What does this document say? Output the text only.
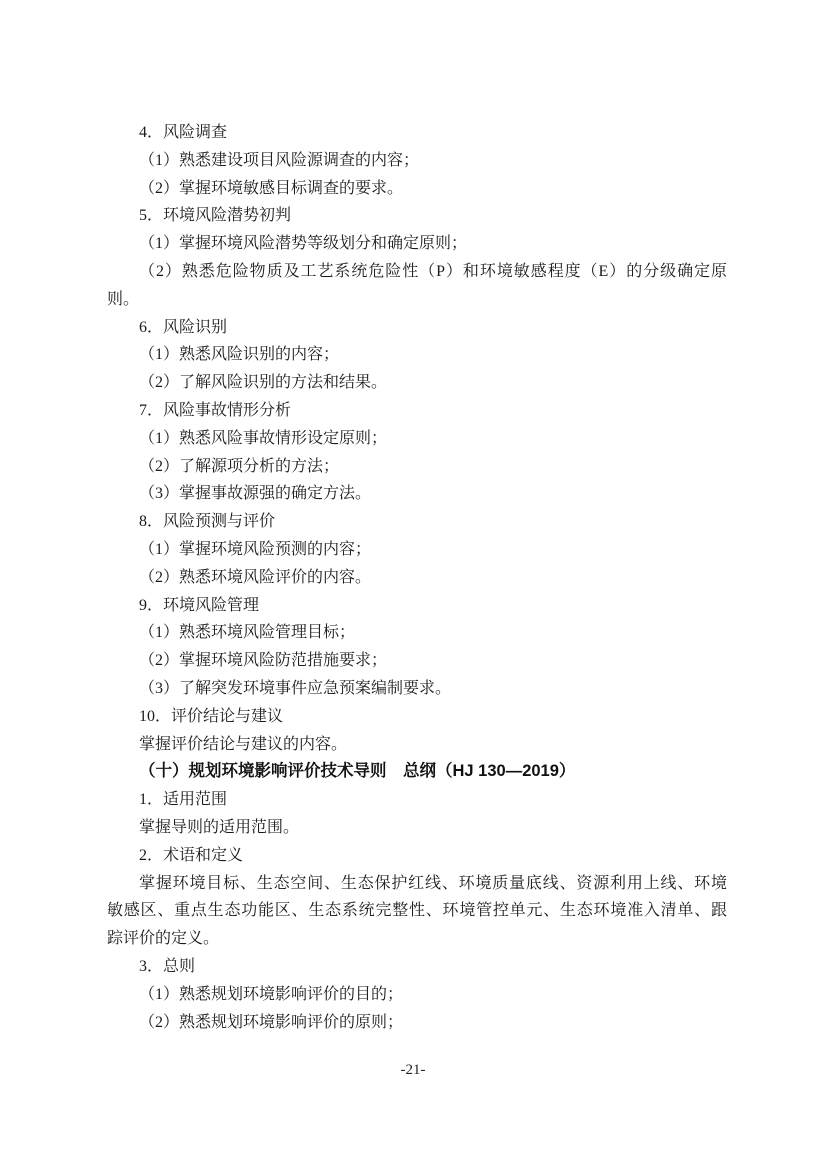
4．风险调查
（1）熟悉建设项目风险源调查的内容；
（2）掌握环境敏感目标调查的要求。
5．环境风险潜势初判
（1）掌握环境风险潜势等级划分和确定原则；
（2）熟悉危险物质及工艺系统危险性（P）和环境敏感程度（E）的分级确定原
则。
6．风险识别
（1）熟悉风险识别的内容；
（2）了解风险识别的方法和结果。
7．风险事故情形分析
（1）熟悉风险事故情形设定原则；
（2）了解源项分析的方法；
（3）掌握事故源强的确定方法。
8．风险预测与评价
（1）掌握环境风险预测的内容；
（2）熟悉环境风险评价的内容。
9．环境风险管理
（1）熟悉环境风险管理目标；
（2）掌握环境风险防范措施要求；
（3）了解突发环境事件应急预案编制要求。
10．评价结论与建议
掌握评价结论与建议的内容。
（十）规划环境影响评价技术导则　总纲（HJ 130—2019）
1．适用范围
掌握导则的适用范围。
2．术语和定义
掌握环境目标、生态空间、生态保护红线、环境质量底线、资源利用上线、环境
敏感区、重点生态功能区、生态系统完整性、环境管控单元、生态环境准入清单、跟
踪评价的定义。
3．总则
（1）熟悉规划环境影响评价的目的；
（2）熟悉规划环境影响评价的原则；
-21-
